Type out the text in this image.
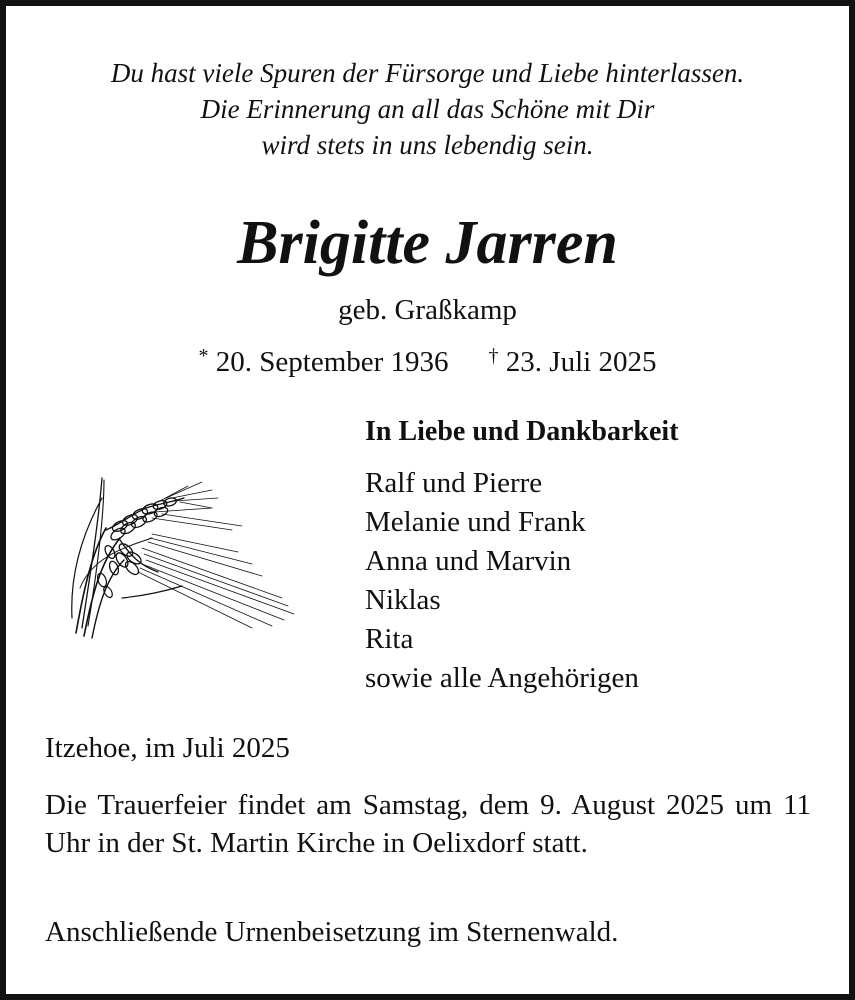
Du hast viele Spuren der Fürsorge und Liebe hinterlassen.
Die Erinnerung an all das Schöne mit Dir
wird stets in uns lebendig sein.
Brigitte Jarren
geb. Graßkamp
* 20. September 1936 † 23. Juli 2025
In Liebe und Dankbarkeit
Ralf und Pierre
Melanie und Frank
Anna und Marvin
Niklas
Rita
sowie alle Angehörigen
Itzehoe, im Juli 2025
Die Trauerfeier findet am Samstag, dem 9. August 2025 um 11 Uhr in der St. Martin Kirche in Oelixdorf statt.
Anschließende Urnenbeisetzung im Sternenwald.
